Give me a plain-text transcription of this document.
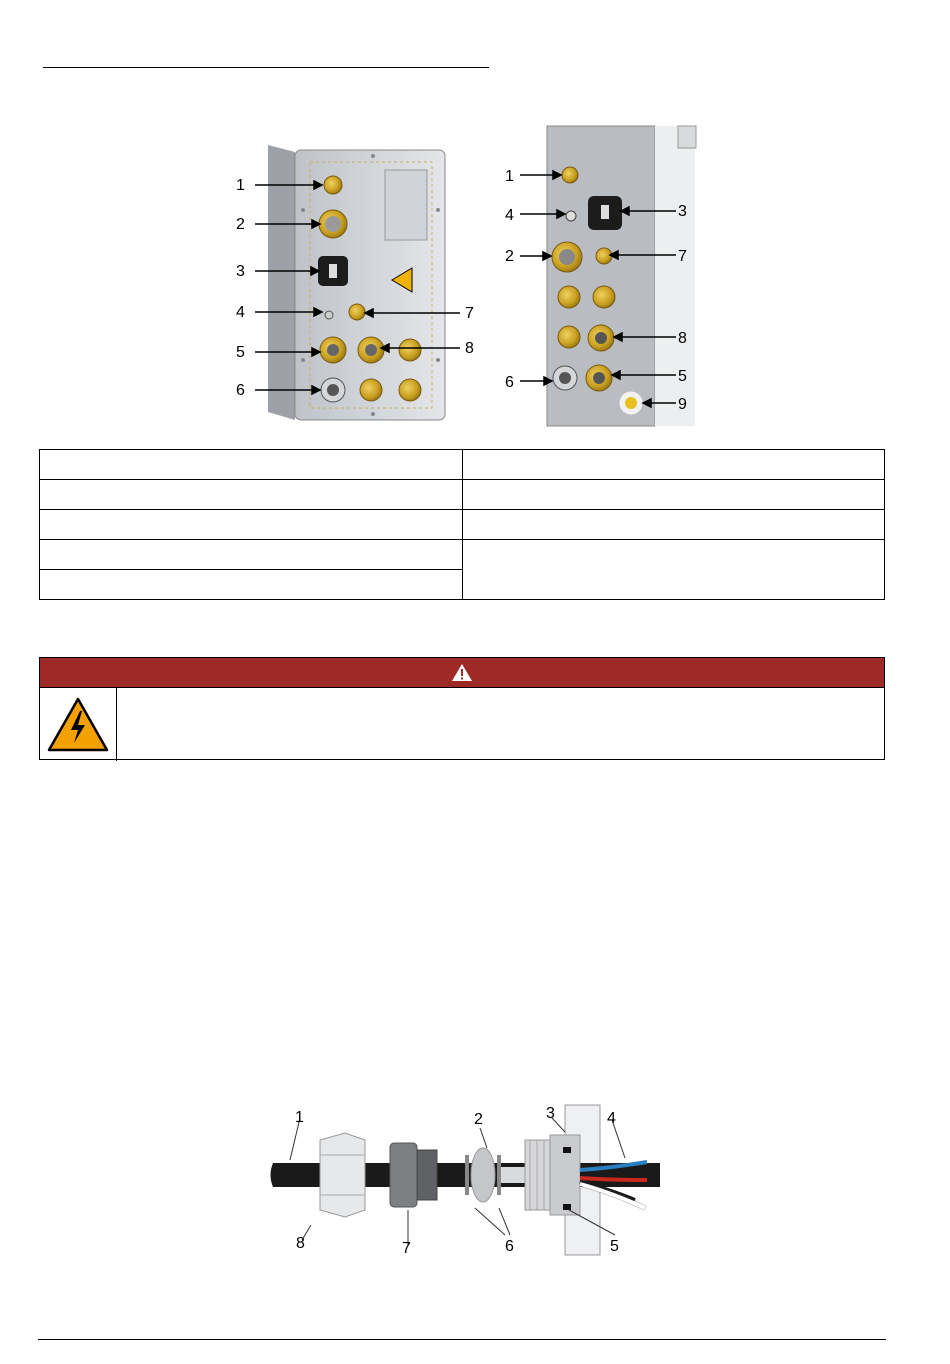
1
2
3
4
5
6
7
8
1
2
3
4
5
6
7
8
9

1	2	3	4
5
6
7
8
